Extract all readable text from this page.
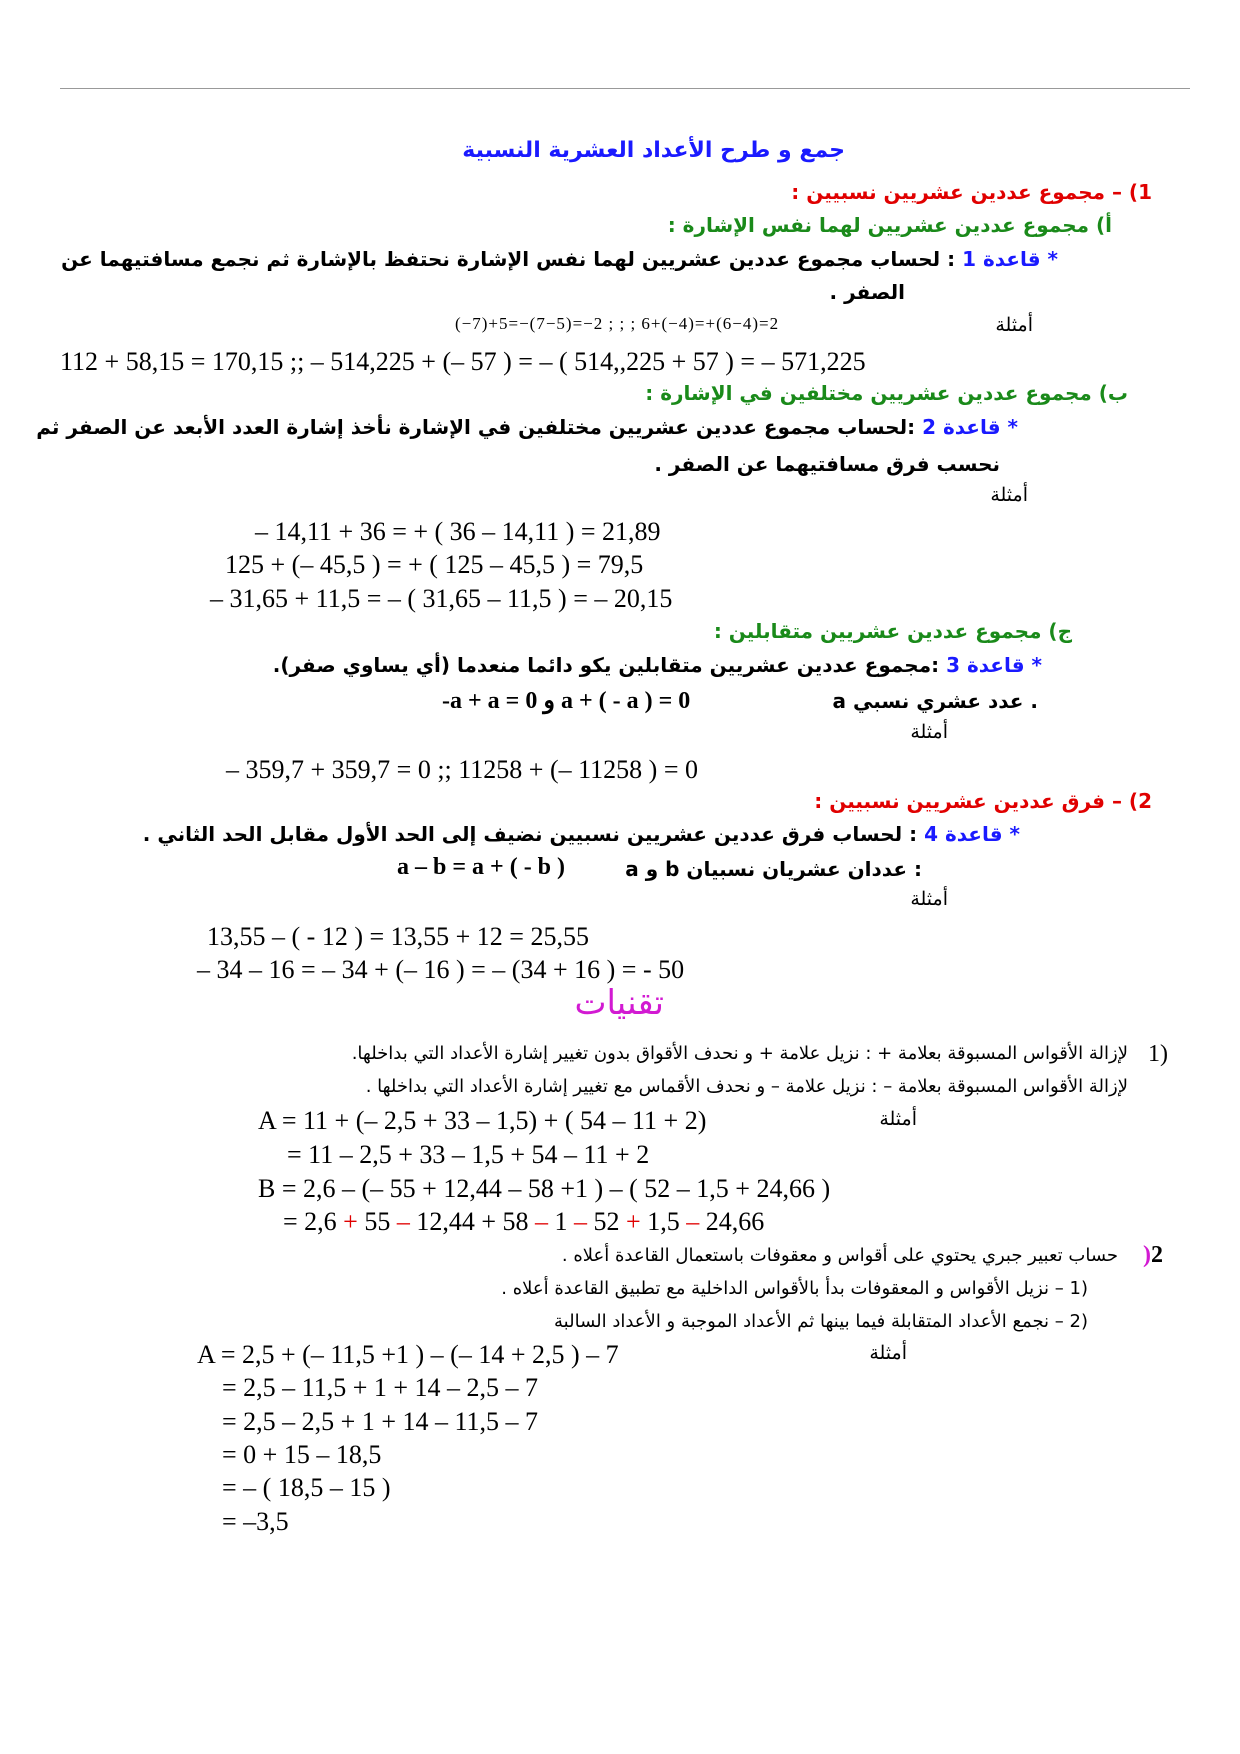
جمع و طرح الأعداد العشرية النسبية
1) – مجموع عددين عشريين نسبيين :
أ) مجموع عددين عشريين لهما نفس الإشارة :
* قاعدة 1 : لحساب مجموع عددين عشريين لهما نفس الإشارة نحتفظ بالإشارة ثم نجمع مسافتيهما عن
الصفر .
أمثلة
(−7)+5=−(7−5)=−2 ; ; ; 6+(−4)=+(6−4)=2
112 + 58,15 = 170,15 ;; – 514,225 + (– 57 ) = – ( 514,,225 + 57 ) = – 571,225
ب) مجموع عددين عشريين مختلفين في الإشارة :
* قاعدة 2 :لحساب مجموع عددين عشريين مختلفين في الإشارة نأخذ إشارة العدد الأبعد عن الصفر ثم
نحسب فرق مسافتيهما عن الصفر .
أمثلة
– 14,11 + 36 = + ( 36 – 14,11 ) = 21,89
125 + (– 45,5 ) = + ( 125 – 45,5 ) = 79,5
– 31,65 + 11,5 = – ( 31,65 – 11,5 ) = – 20,15
ج) مجموع عددين عشريين متقابلين :
* قاعدة 3 :مجموع عددين عشريين متقابلين يكو دائما منعدما (أي يساوي صفر).
a عدد عشري نسبي .
-a + a = 0 و a + ( - a ) = 0
أمثلة
– 359,7 + 359,7 = 0 ;; 11258 + (– 11258 ) = 0
2) – فرق عددين عشريين نسبيين :
* قاعدة 4 : لحساب فرق عددين عشريين نسبيين نضيف إلى الحد الأول مقابل الحد الثاني .
a و b عددان عشريان نسبيان :
a – b = a + ( - b )
أمثلة
13,55 – ( - 12 ) = 13,55 + 12 = 25,55
– 34 – 16 = – 34 + (– 16 ) = – (34 + 16 ) = - 50
تقنيات
1)
لإزالة الأقواس المسبوقة بعلامة + : نزيل علامة + و نحدف الأقواق بدون تغيير إشارة الأعداد التي بداخلها.
لإزالة الأقواس المسبوقة بعلامة – : نزيل علامة – و نحدف الأقماس مع تغيير إشارة الأعداد التي بداخلها .
أمثلة
A = 11 + (– 2,5 + 33 – 1,5) + ( 54 – 11 + 2)
= 11 – 2,5 + 33 – 1,5 + 54 – 11 + 2
B = 2,6 – (– 55 + 12,44 – 58 +1 ) – ( 52 – 1,5 + 24,66 )
= 2,6 + 55 – 12,44 + 58 – 1 – 52 + 1,5 – 24,66
)2
حساب تعبير جبري يحتوي على أقواس و معقوفات باستعمال القاعدة أعلاه .
(1 – نزيل الأقواس و المعقوفات بدأ بالأقواس الداخلية مع تطبيق القاعدة أعلاه .
(2 – نجمع الأعداد المتقابلة فيما بينها ثم الأعداد الموجبة و الأعداد السالبة
أمثلة
A = 2,5 + (– 11,5 +1 ) – (– 14 + 2,5 ) – 7
= 2,5 – 11,5 + 1 + 14 – 2,5 – 7
= 2,5 – 2,5 + 1 + 14 – 11,5 – 7
= 0 + 15 – 18,5
= – ( 18,5 – 15 )
= –3,5
